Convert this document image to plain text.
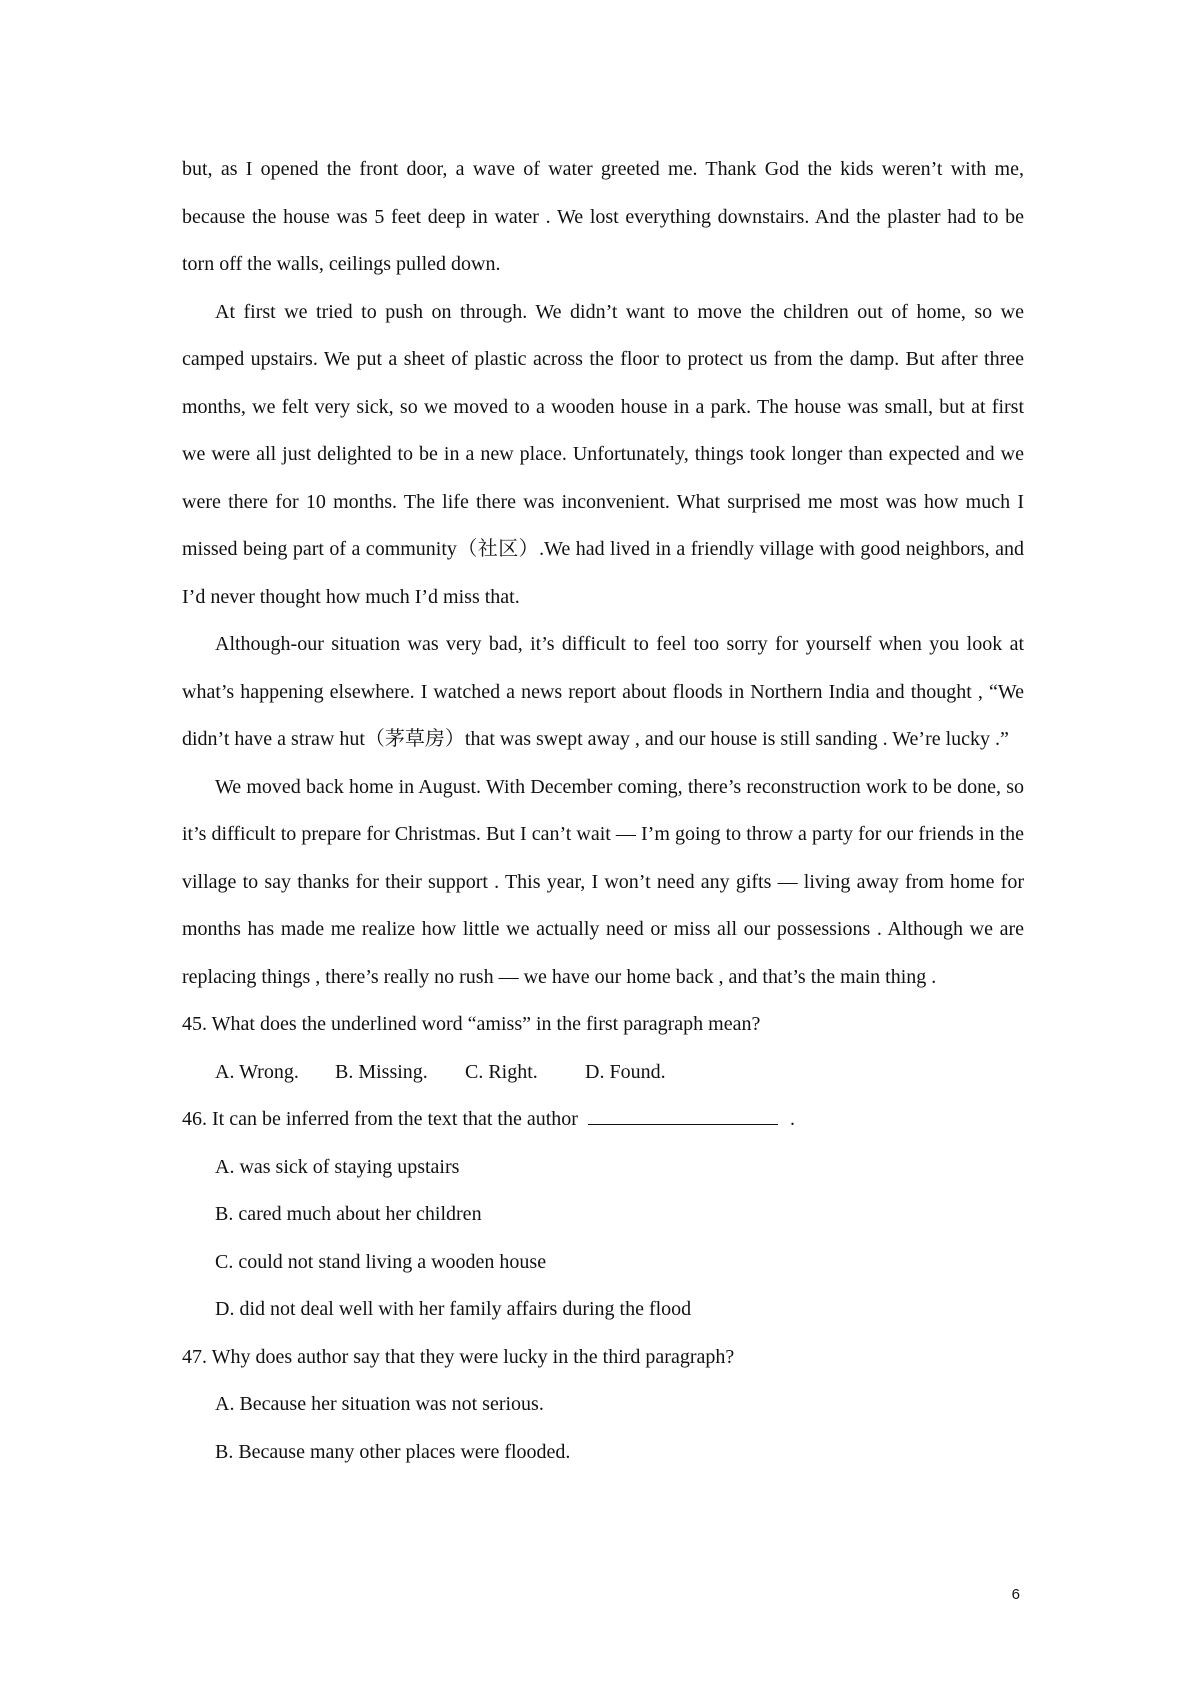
but, as I opened the front door, a wave of water greeted me. Thank God the kids weren’t with me, because the house was 5 feet deep in water . We lost everything downstairs. And the plaster had to be torn off the walls, ceilings pulled down.

At first we tried to push on through. We didn’t want to move the children out of home, so we camped upstairs. We put a sheet of plastic across the floor to protect us from the damp. But after three months, we felt very sick, so we moved to a wooden house in a park. The house was small, but at first we were all just delighted to be in a new place. Unfortunately, things took longer than expected and we were there for 10 months. The life there was inconvenient. What surprised me most was how much I missed being part of a community（社区）.We had lived in a friendly village with good neighbors, and I’d never thought how much I’d miss that.

Although-our situation was very bad, it’s difficult to feel too sorry for yourself when you look at what’s happening elsewhere. I watched a news report about floods in Northern India and thought , “We didn’t have a straw hut（茅草房）that was swept away , and our house is still sanding . We’re lucky .”

We moved back home in August. With December coming, there’s reconstruction work to be done, so it’s difficult to prepare for Christmas. But I can’t wait — I’m going to throw a party for our friends in the village to say thanks for their support . This year, I won’t need any gifts — living away from home for months has made me realize how little we actually need or miss all our possessions . Although we are replacing things , there’s really no rush — we have our home back , and that’s the main thing .

45. What does the underlined word “amiss” in the first paragraph mean?

A. Wrong. B. Missing. C. Right. D. Found.

46. It can be inferred from the text that the author	.

A. was sick of staying upstairs

B. cared much about her children

C. could not stand living a wooden house

D. did not deal well with her family affairs during the flood

47. Why does author say that they were lucky in the third paragraph?

A. Because her situation was not serious.

B. Because many other places were flooded.

6
